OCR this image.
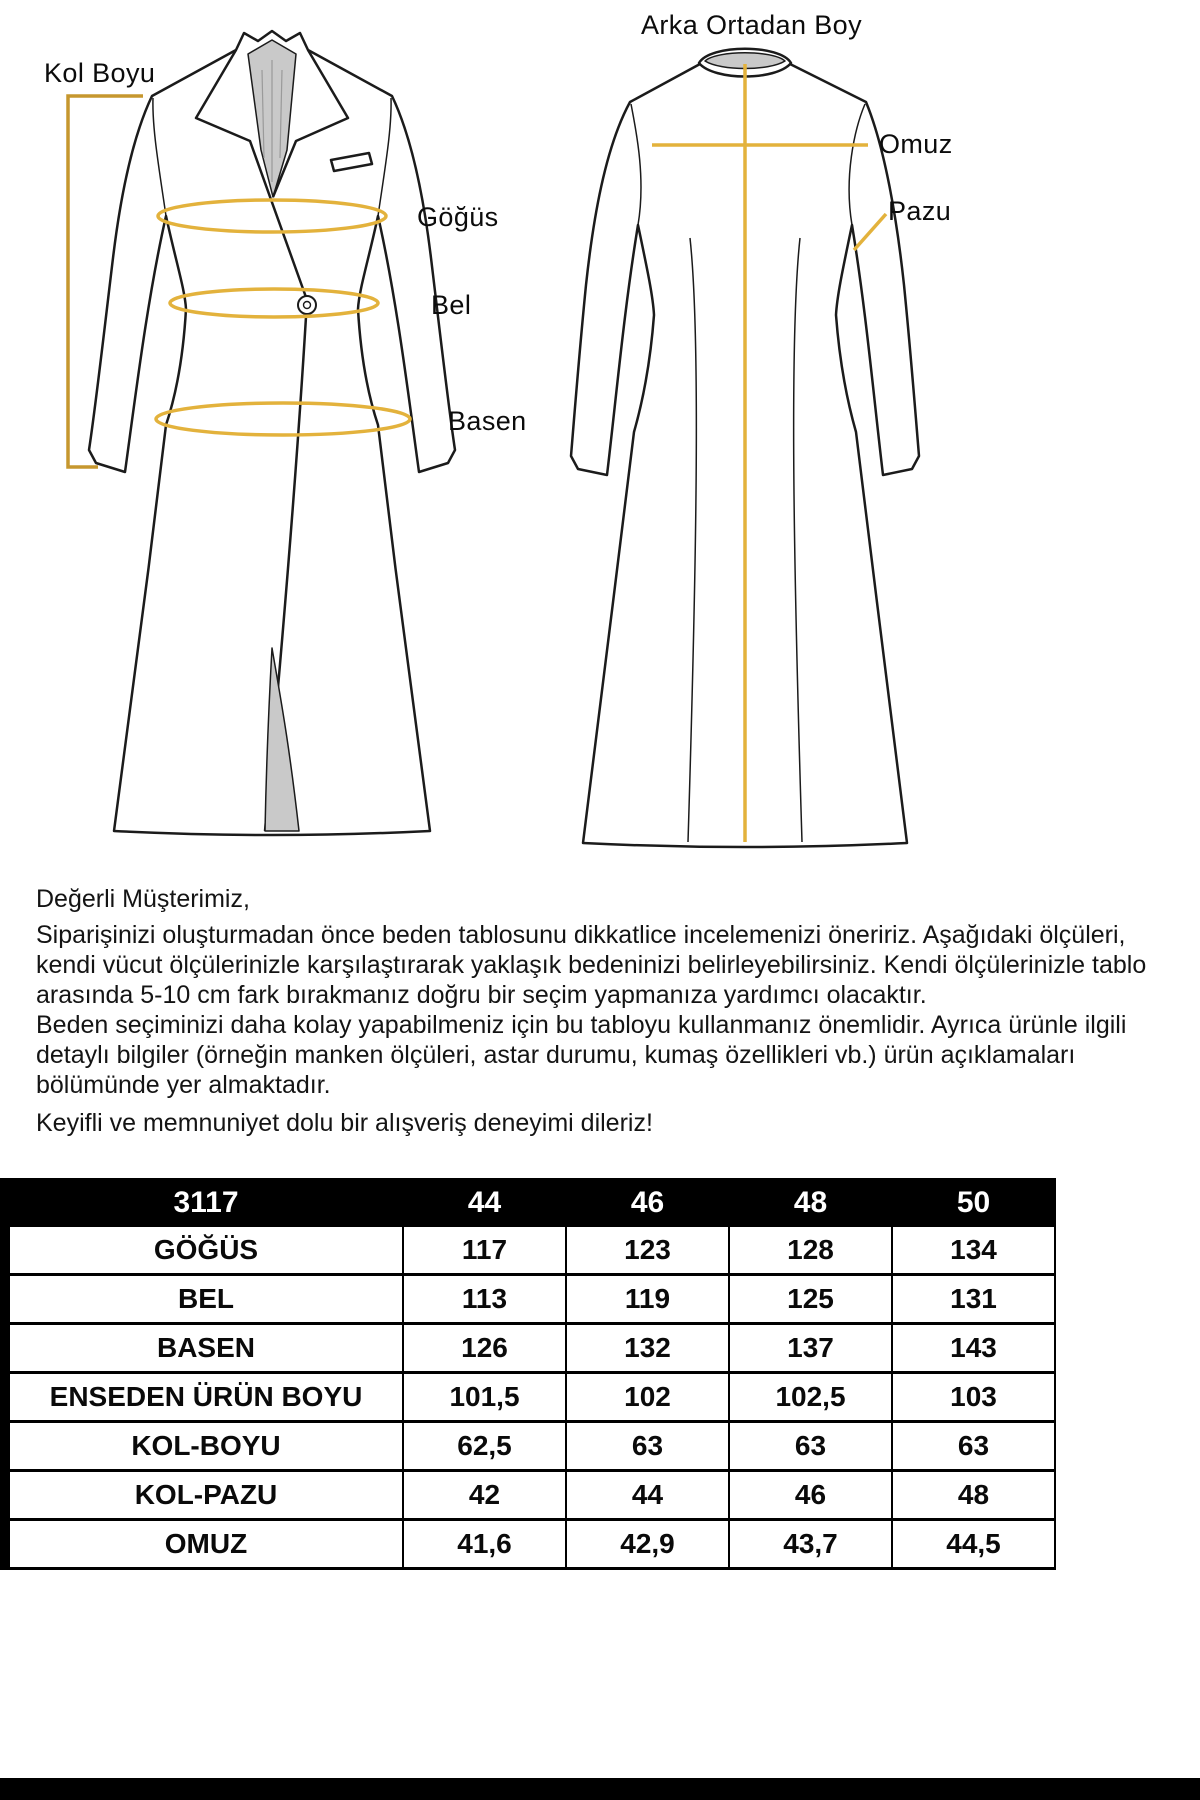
Kol Boyu
Arka Ortadan Boy
Göğüs
Bel
Basen
Omuz
Pazu

Değerli Müşterimiz,

Siparişinizi oluşturmadan önce beden tablosunu dikkatlice incelemenizi öneririz. Aşağıdaki ölçüleri, kendi vücut ölçülerinizle karşılaştırarak yaklaşık bedeninizi belirleyebilirsiniz. Kendi ölçülerinizle tablo arasında 5-10 cm fark bırakmanız doğru bir seçim yapmanıza yardımcı olacaktır.

Beden seçiminizi daha kolay yapabilmeniz için bu tabloyu kullanmanız önemlidir. Ayrıca ürünle ilgili detaylı bilgiler (örneğin manken ölçüleri, astar durumu, kumaş özellikleri vb.) ürün açıklamaları bölümünde yer almaktadır.

Keyifli ve memnuniyet dolu bir alışveriş deneyimi dileriz!

3117	44	46	48	50
GÖĞÜS	117	123	128	134
BEL	113	119	125	131
BASEN	126	132	137	143
ENSEDEN ÜRÜN BOYU	101,5	102	102,5	103
KOL-BOYU	62,5	63	63	63
KOL-PAZU	42	44	46	48
OMUZ	41,6	42,9	43,7	44,5
